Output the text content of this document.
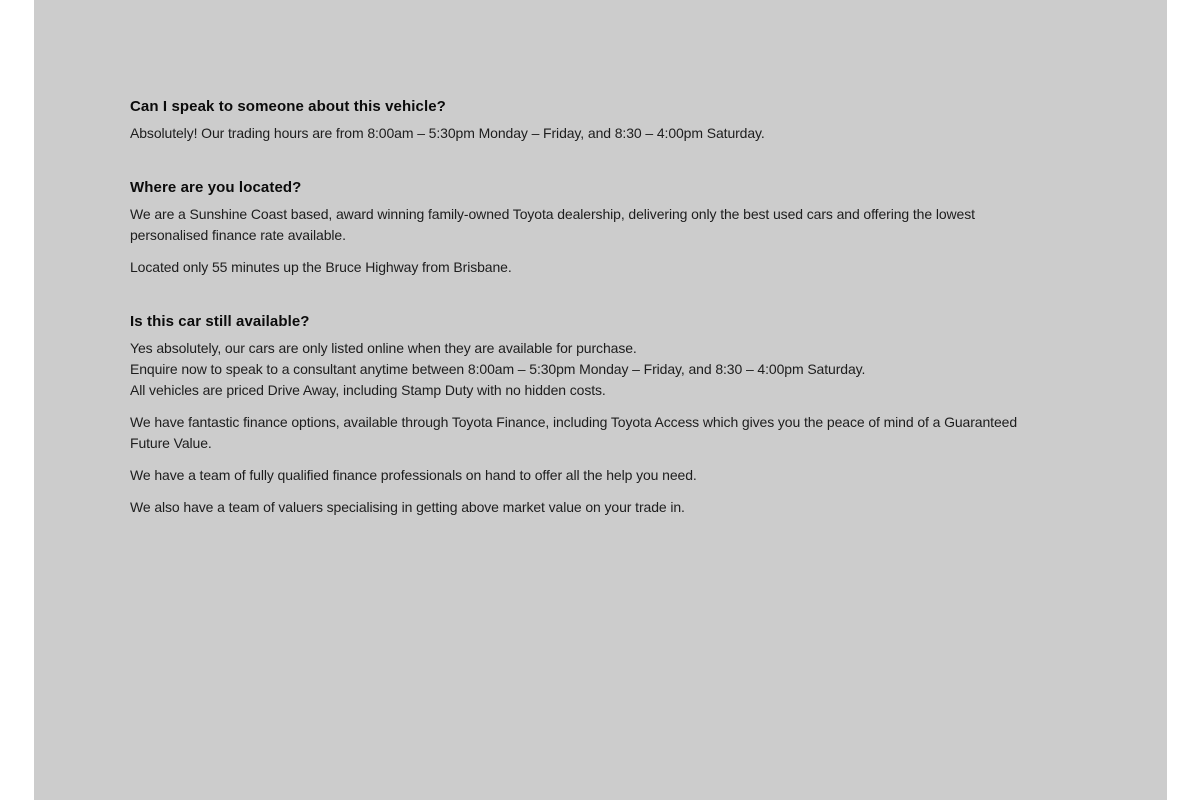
Can I speak to someone about this vehicle?

Absolutely! Our trading hours are from 8:00am – 5:30pm Monday – Friday, and 8:30 – 4:00pm Saturday.

Where are you located?

We are a Sunshine Coast based, award winning family-owned Toyota dealership, delivering only the best used cars and offering the lowest
personalised finance rate available.

Located only 55 minutes up the Bruce Highway from Brisbane.

Is this car still available?

Yes absolutely, our cars are only listed online when they are available for purchase.
Enquire now to speak to a consultant anytime between 8:00am – 5:30pm Monday – Friday, and 8:30 – 4:00pm Saturday.
All vehicles are priced Drive Away, including Stamp Duty with no hidden costs.

We have fantastic finance options, available through Toyota Finance, including Toyota Access which gives you the peace of mind of a Guaranteed
Future Value.

We have a team of fully qualified finance professionals on hand to offer all the help you need.

We also have a team of valuers specialising in getting above market value on your trade in.
